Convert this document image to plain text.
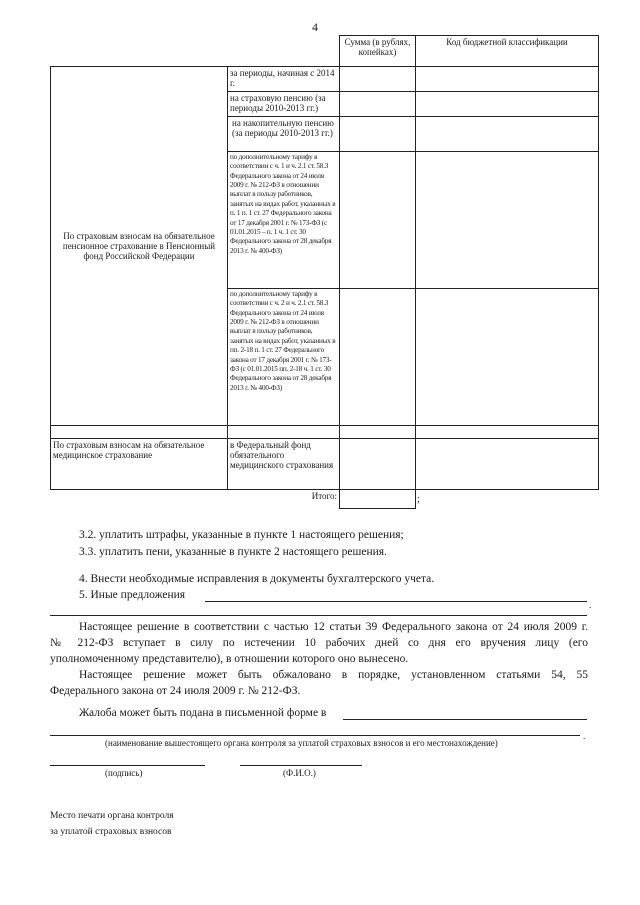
4
		Сумма (в рублях, копейках)	Код бюджетной классификации
По страховым взносам на обязательное пенсионное страхование в Пенсионный фонд Российской Федерации	за периоды, начиная с 2014 г.		
	на страховую пенсию (за периоды 2010-2013 гг.)		
	на накопительную пенсию (за периоды 2010-2013 гг.)		
	по дополнительному тарифу в соответствии с ч. 1 и ч. 2.1 ст. 58.3 Федерального закона от 24 июля 2009 г. № 212-ФЗ в отношении выплат в пользу работников, занятых на видах работ, указанных в п. 1 п. 1 ст. 27 Федерального закона от 17 декабря 2001 г. № 173-ФЗ (с 01.01.2015 – п. 1 ч. 1 ст. 30 Федерального закона от 28 декабря 2013 г. № 400-ФЗ)		
	по дополнительному тарифу в соответствии с ч. 2 и ч. 2.1 ст. 58.3 Федерального закона от 24 июля 2009 г. № 212-ФЗ в отношении выплат в пользу работников, занятых на видах работ, указанных в пп. 2-18 п. 1 ст. 27 Федерального закона от 17 декабря 2001 г. № 173-ФЗ (с 01.01.2015 пп. 2-18 ч. 1 ст. 30 Федерального закона от 28 декабря 2013 г. № 400-ФЗ)		

По страховым взносам на обязательное медицинское страхование	в Федеральный фонд обязательного медицинского страхования		
	Итого:		;
3.2. уплатить штрафы, указанные в пункте 1 настоящего решения;
3.3. уплатить пени, указанные в пункте 2 настоящего решения.
4. Внести необходимые исправления в документы бухгалтерского учета.
5. Иные предложения
.
Настоящее решение в соответствии с частью 12 статьи 39 Федерального закона от 24 июля 2009 г.
№ 212-ФЗ вступает в силу по истечении 10 рабочих дней со дня его вручения лицу (его
уполномоченному представителю), в отношении которого оно вынесено.
Настоящее решение может быть обжаловано в порядке, установленном статьями 54, 55
Федерального закона от 24 июля 2009 г. № 212-ФЗ.
Жалоба может быть подана в письменной форме в
.
(наименование вышестоящего органа контроля за уплатой страховых взносов и его местонахождение)
(подпись)	(Ф.И.О.)
Место печати органа контроля
за уплатой страховых взносов
